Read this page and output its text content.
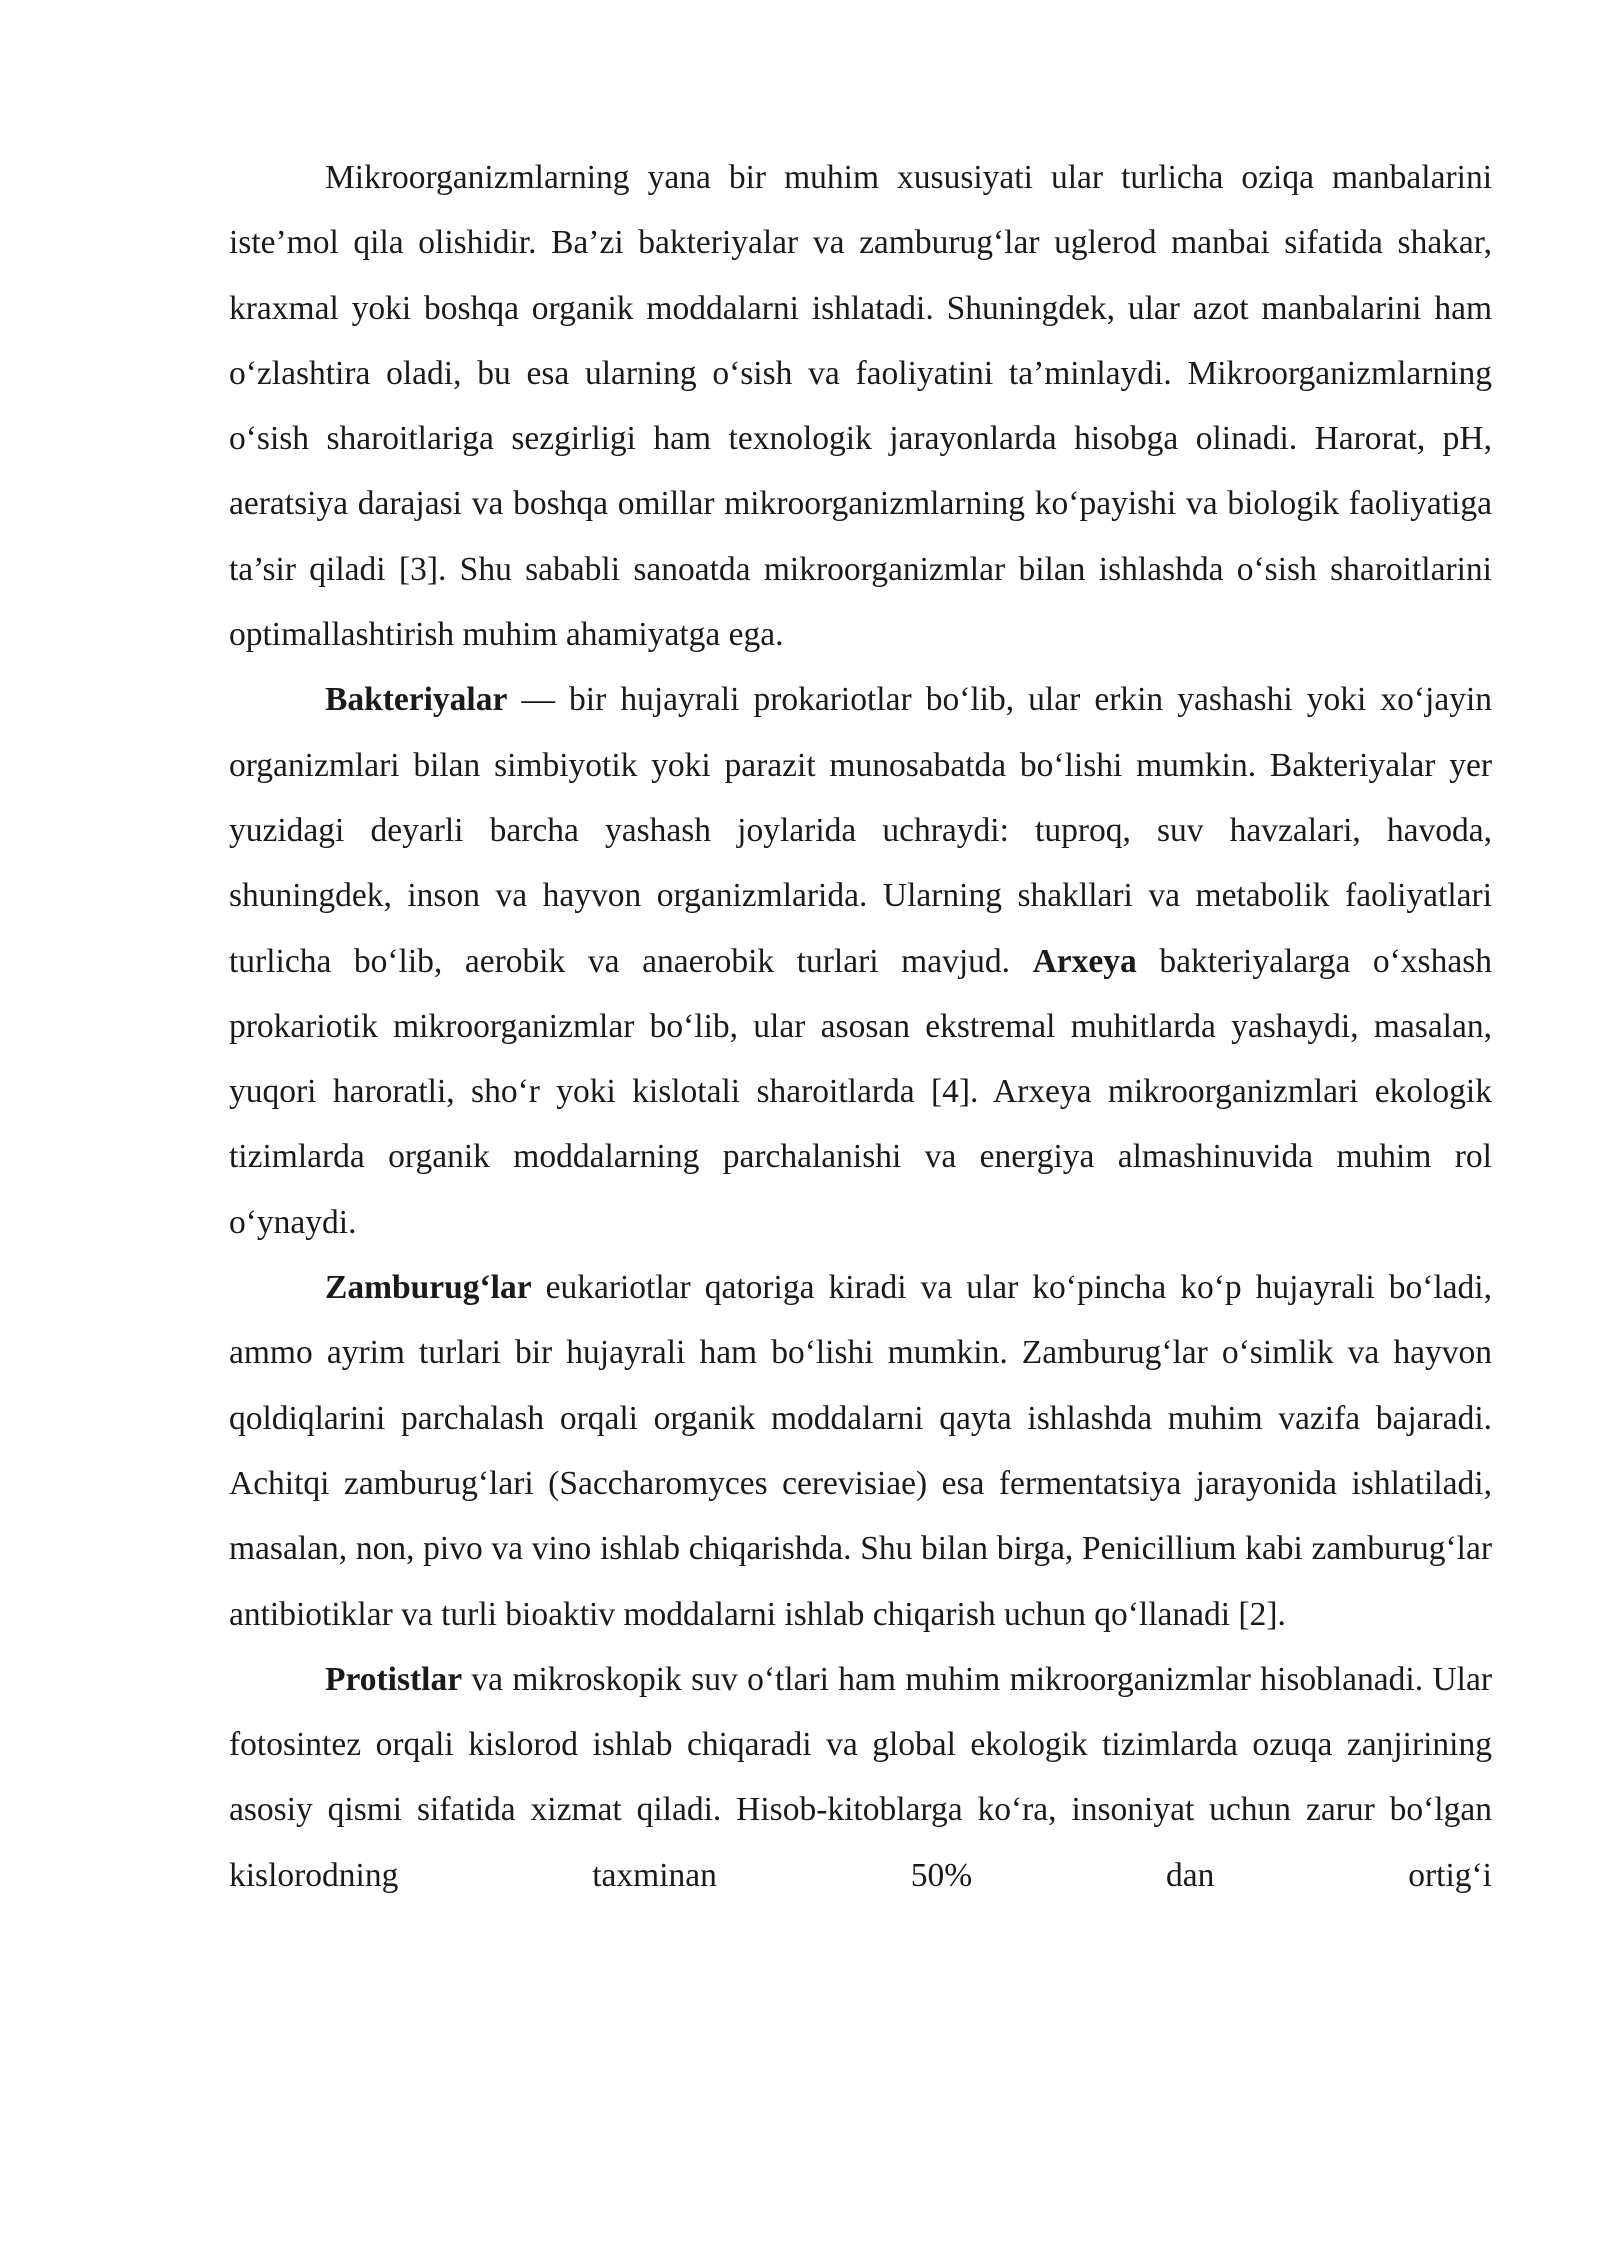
Mikroorganizmlarning yana bir muhim xususiyati ular turlicha oziqa manbalarini iste’mol qila olishidir. Ba’zi bakteriyalar va zamburug‘lar uglerod manbai sifatida shakar, kraxmal yoki boshqa organik moddalarni ishlatadi. Shuningdek, ular azot manbalarini ham o‘zlashtira oladi, bu esa ularning o‘sish va faoliyatini ta’minlaydi. Mikroorganizmlarning o‘sish sharoitlariga sezgirligi ham texnologik jarayonlarda hisobga olinadi. Harorat, pH, aeratsiya darajasi va boshqa omillar mikroorganizmlarning ko‘payishi va biologik faoliyatiga ta’sir qiladi [3]. Shu sababli sanoatda mikroorganizmlar bilan ishlashda o‘sish sharoitlarini optimallashtirish muhim ahamiyatga ega.

Bakteriyalar — bir hujayrali prokariotlar bo‘lib, ular erkin yashashi yoki xo‘jayin organizmlari bilan simbiyotik yoki parazit munosabatda bo‘lishi mumkin. Bakteriyalar yer yuzidagi deyarli barcha yashash joylarida uchraydi: tuproq, suv havzalari, havoda, shuningdek, inson va hayvon organizmlarida. Ularning shakllari va metabolik faoliyatlari turlicha bo‘lib, aerobik va anaerobik turlari mavjud. Arxeya bakteriyalarga o‘xshash prokariotik mikroorganizmlar bo‘lib, ular asosan ekstremal muhitlarda yashaydi, masalan, yuqori haroratli, sho‘r yoki kislotali sharoitlarda [4]. Arxeya mikroorganizmlari ekologik tizimlarda organik moddalarning parchalanishi va energiya almashinuvida muhim rol o‘ynaydi.

Zamburug‘lar eukariotlar qatoriga kiradi va ular ko‘pincha ko‘p hujayrali bo‘ladi, ammo ayrim turlari bir hujayrali ham bo‘lishi mumkin. Zamburug‘lar o‘simlik va hayvon qoldiqlarini parchalash orqali organik moddalarni qayta ishlashda muhim vazifa bajaradi. Achitqi zamburug‘lari (Saccharomyces cerevisiae) esa fermentatsiya jarayonida ishlatiladi, masalan, non, pivo va vino ishlab chiqarishda. Shu bilan birga, Penicillium kabi zamburug‘lar antibiotiklar va turli bioaktiv moddalarni ishlab chiqarish uchun qo‘llanadi [2].

Protistlar va mikroskopik suv o‘tlari ham muhim mikroorganizmlar hisoblanadi. Ular fotosintez orqali kislorod ishlab chiqaradi va global ekologik tizimlarda ozuqa zanjirining asosiy qismi sifatida xizmat qiladi. Hisob-kitoblarga ko‘ra, insoniyat uchun zarur bo‘lgan kislorodning taxminan 50% dan ortig‘i
